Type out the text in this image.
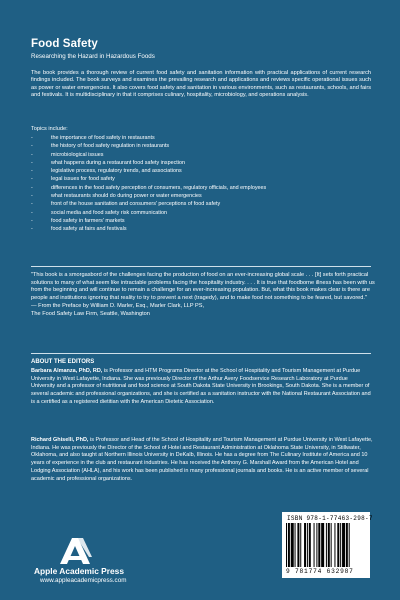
Food Safety
Researching the Hazard in Hazardous Foods
The book provides a thorough review of current food safety and sanitation information with practical applications of current research findings included. The book surveys and examines the prevailing research and applications and reviews specific operational issues such as power or water emergencies. It also covers food safety and sanitation in various environments, such as restaurants, schools, and fairs and festivals. It is multidisciplinary in that it comprises culinary, hospitality, microbiology, and operations analysis.
Topics include:
-	the importance of food safety in restaurants
-	the history of food safety regulation in restaurants
-	microbiological issues
-	what happens during a restaurant food safety inspection
-	legislative process, regulatory trends, and associations
-	legal issues for food safety
-	differences in the food safety perception of consumers, regulatory officials, and employees
-	what restaurants should do during power or water emergencies
-	front of the house sanitation and consumers' perceptions of food safety
-	social media and food safety risk communication
-	food safety in farmers' markets
-	food safety at fairs and festivals

"This book is a smorgasbord of the challenges facing the production of food on an ever-increasing global scale . . . [It] sets forth practical solutions to many of what seem like intractable problems facing the hospitality industry. . . . It is true that foodborne illness has been with us from the beginning and will continue to remain a challenge for an ever-increasing population. But, what this book makes clear is there are people and institutions ignoring that reality to try to prevent a next (tragedy), and to make food not something to be feared, but savored."

— From the Preface by William D. Marler, Esq., Marler Clark, LLP PS,

The Food Safety Law Firm, Seattle, Washington

ABOUT THE EDITORS

Barbara Almanza, PhD, RD, is Professor and HTM Programs Director at the School of Hospitality and Tourism Management at Purdue University in West Lafayette, Indiana. She was previously Director of the Arthur Avery Foodservice Research Laboratory at Purdue University and a professor of nutritional and food science at South Dakota State University in Brookings, South Dakota. She is a member of several academic and professional organizations, and she is certified as a sanitation instructor with the National Restaurant Association and is a certified as a registered dietitian with the American Dietetic Association.

Richard Ghiselli, PhD, is Professor and Head of the School of Hospitality and Tourism Management at Purdue University in West Lafayette, Indiana. He was previously the Director of the School of Hotel and Restaurant Administration at Oklahoma State University, in Stillwater, Oklahoma, and also taught at Northern Illinois University in DeKalb, Illinois. He has a degree from The Culinary Institute of America and 10 years of experience in the club and restaurant industries. He has received the Anthony G. Marshall Award from the American Hotel and Lodging Association (AHLA), and his work has been published in many professional journals and books. He is an active member of several academic and professional organizations.

Apple Academic Press
www.appleacademicpress.com
ISBN 978-1-77463-298-7
9 781774 632987
